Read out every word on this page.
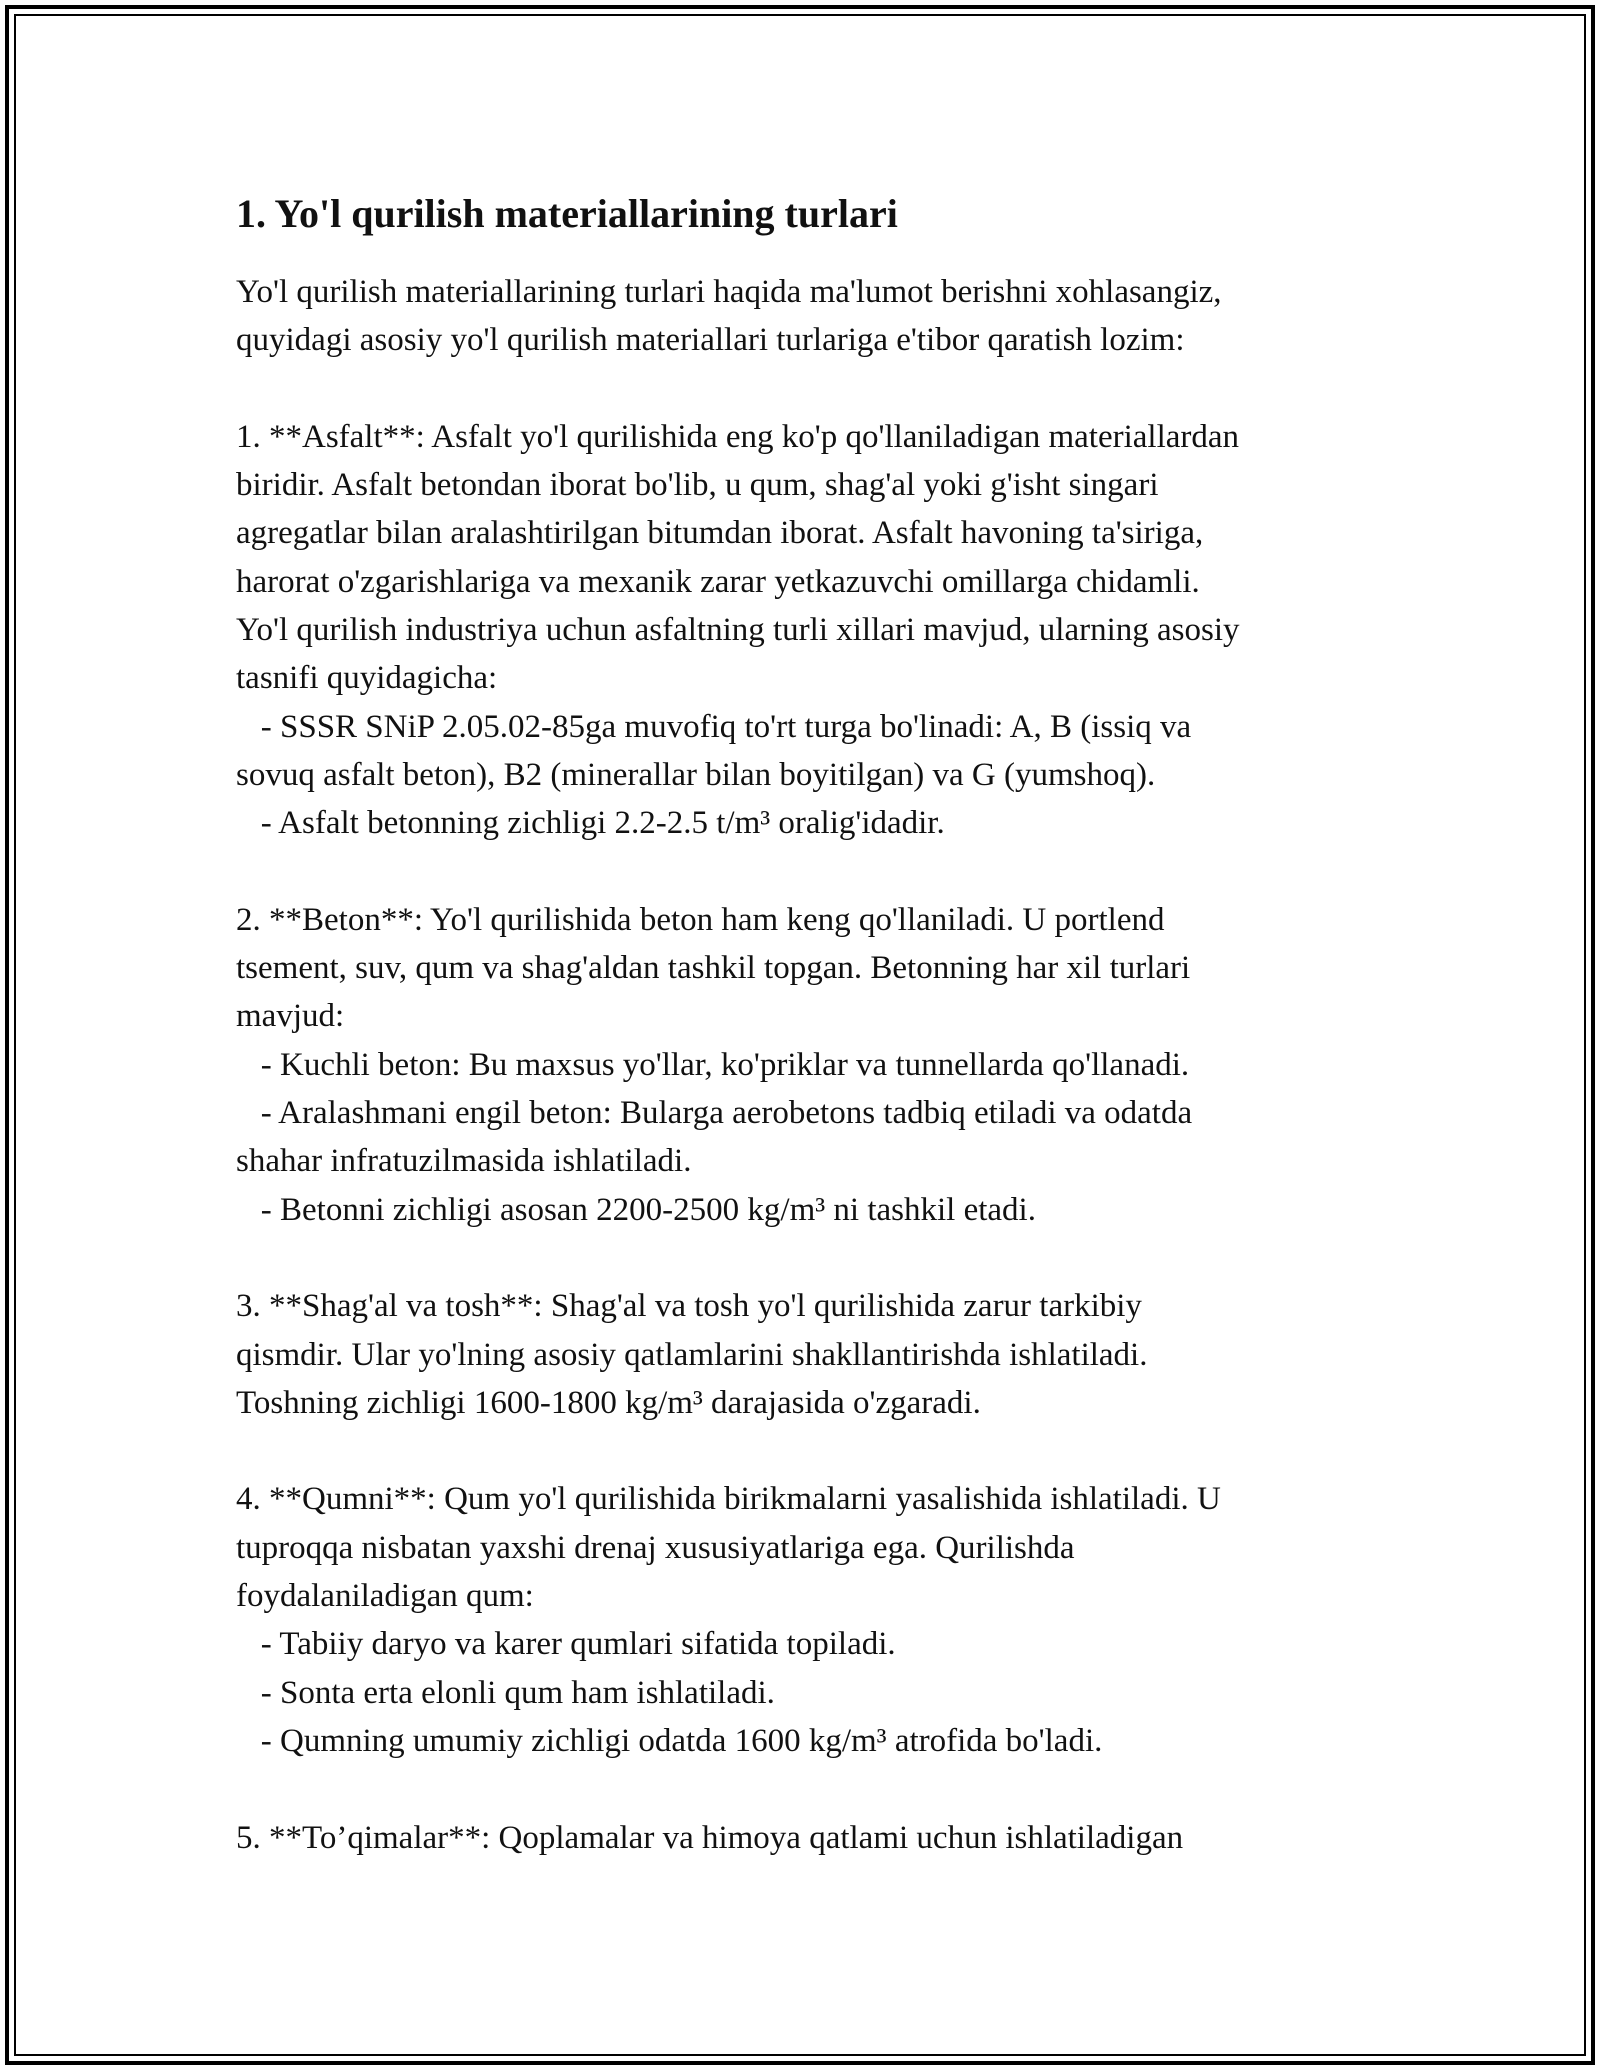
1. Yo'l qurilish materiallarining turlari
Yo'l qurilish materiallarining turlari haqida ma'lumot berishni xohlasangiz,
quyidagi asosiy yo'l qurilish materiallari turlariga e'tibor qaratish lozim:
1. **Asfalt**: Asfalt yo'l qurilishida eng ko'p qo'llaniladigan materiallardan
biridir. Asfalt betondan iborat bo'lib, u qum, shag'al yoki g'isht singari
agregatlar bilan aralashtirilgan bitumdan iborat. Asfalt havoning ta'siriga,
harorat o'zgarishlariga va mexanik zarar yetkazuvchi omillarga chidamli.
Yo'l qurilish industriya uchun asfaltning turli xillari mavjud, ularning asosiy
tasnifi quyidagicha:
- SSSR SNiP 2.05.02-85ga muvofiq to'rt turga bo'linadi: A, B (issiq va
sovuq asfalt beton), B2 (minerallar bilan boyitilgan) va G (yumshoq).
- Asfalt betonning zichligi 2.2-2.5 t/m³ oralig'idadir.
2. **Beton**: Yo'l qurilishida beton ham keng qo'llaniladi. U portlend
tsement, suv, qum va shag'aldan tashkil topgan. Betonning har xil turlari
mavjud:
- Kuchli beton: Bu maxsus yo'llar, ko'priklar va tunnellarda qo'llanadi.
- Aralashmani engil beton: Bularga aerobetons tadbiq etiladi va odatda
shahar infratuzilmasida ishlatiladi.
- Betonni zichligi asosan 2200-2500 kg/m³ ni tashkil etadi.
3. **Shag'al va tosh**: Shag'al va tosh yo'l qurilishida zarur tarkibiy
qismdir. Ular yo'lning asosiy qatlamlarini shakllantirishda ishlatiladi.
Toshning zichligi 1600-1800 kg/m³ darajasida o'zgaradi.
4. **Qumni**: Qum yo'l qurilishida birikmalarni yasalishida ishlatiladi. U
tuproqqa nisbatan yaxshi drenaj xususiyatlariga ega. Qurilishda
foydalaniladigan qum:
- Tabiiy daryo va karer qumlari sifatida topiladi.
- Sonta erta elonli qum ham ishlatiladi.
- Qumning umumiy zichligi odatda 1600 kg/m³ atrofida bo'ladi.
5. **To’qimalar**: Qoplamalar va himoya qatlami uchun ishlatiladigan
